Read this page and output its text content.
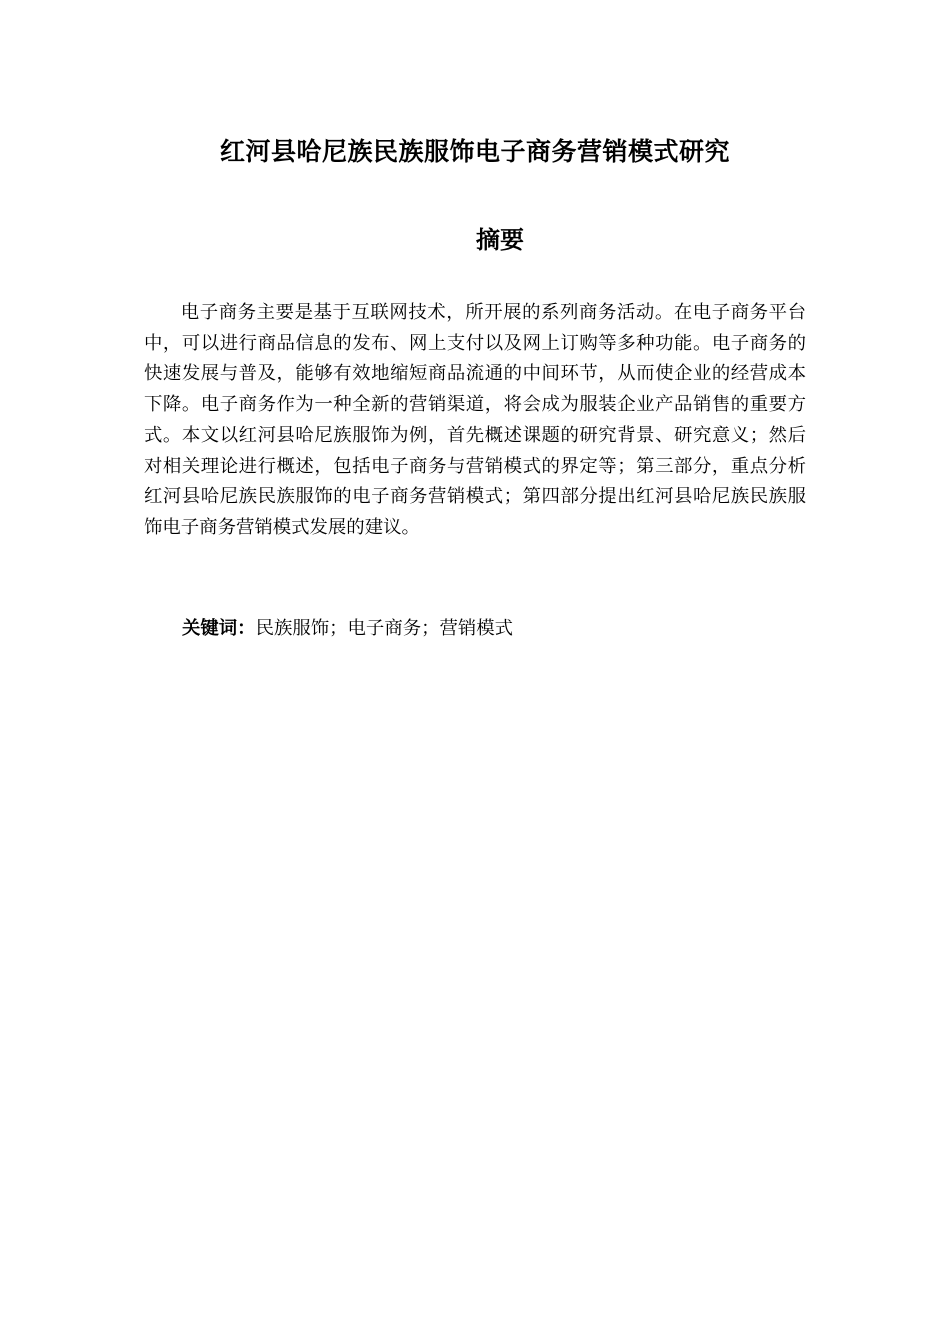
红河县哈尼族民族服饰电子商务营销模式研究
摘要

电子商务主要是基于互联网技术，所开展的系列商务活动。在电子商务平台中，可以进行商品信息的发布、网上支付以及网上订购等多种功能。电子商务的快速发展与普及，能够有效地缩短商品流通的中间环节，从而使企业的经营成本下降。电子商务作为一种全新的营销渠道，将会成为服装企业产品销售的重要方式。本文以红河县哈尼族服饰为例，首先概述课题的研究背景、研究意义；然后对相关理论进行概述，包括电子商务与营销模式的界定等；第三部分，重点分析红河县哈尼族民族服饰的电子商务营销模式；第四部分提出红河县哈尼族民族服饰电子商务营销模式发展的建议。

关键词：民族服饰；电子商务；营销模式
